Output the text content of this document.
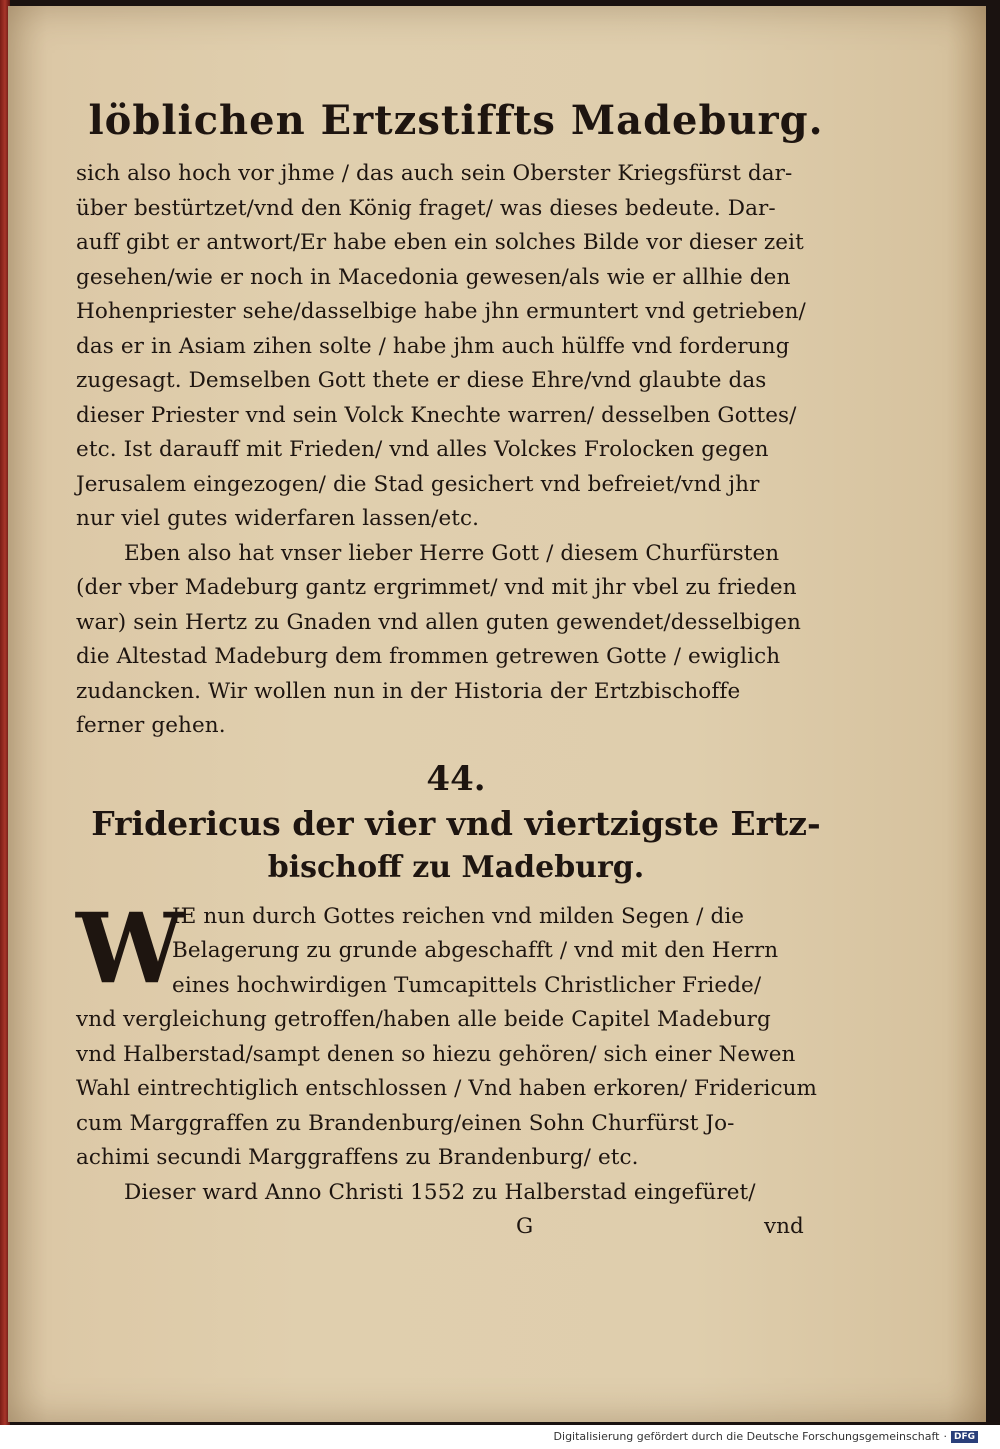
löblichen Ertzstiffts Madeburg.
sich also hoch vor jhme / das auch sein Oberster Kriegsfürst dar-
über bestürtzet/vnd den König fraget/ was dieses bedeute. Dar-
auff gibt er antwort/Er habe eben ein solches Bilde vor dieser zeit
gesehen/wie er noch in Macedonia gewesen/als wie er allhie den
Hohenpriester sehe/dasselbige habe jhn ermuntert vnd getrieben/
das er in Asiam zihen solte / habe jhm auch hülffe vnd forderung
zugesagt. Demselben Gott thete er diese Ehre/vnd glaubte das
dieser Priester vnd sein Volck Knechte warren/ desselben Gottes/
etc. Ist darauff mit Frieden/ vnd alles Volckes Frolocken gegen
Jerusalem eingezogen/ die Stad gesichert vnd befreiet/vnd jhr
nur viel gutes widerfaren lassen/etc.
Eben also hat vnser lieber Herre Gott / diesem Churfürsten
(der vber Madeburg gantz ergrimmet/ vnd mit jhr vbel zu frieden
war) sein Hertz zu Gnaden vnd allen guten gewendet/desselbigen
die Altestad Madeburg dem frommen getrewen Gotte / ewiglich
zudancken. Wir wollen nun in der Historia der Ertzbischoffe
ferner gehen.
44.
Fridericus der vier vnd viertzigste Ertz-
bischoff zu Madeburg.
W
IE nun durch Gottes reichen vnd milden Segen / die
Belagerung zu grunde abgeschafft / vnd mit den Herrn
eines hochwirdigen Tumcapittels Christlicher Friede/
vnd vergleichung getroffen/haben alle beide Capitel Madeburg
vnd Halberstad/sampt denen so hiezu gehören/ sich einer Newen
Wahl eintrechtiglich entschlossen / Vnd haben erkoren/ Fridericum
cum Marggraffen zu Brandenburg/einen Sohn Churfürst Jo-
achimi secundi Marggraffens zu Brandenburg/ etc.
Dieser ward Anno Christi 1552 zu Halberstad eingefüret/
G	vnd
Digitalisierung gefördert durch die Deutsche Forschungsgemeinschaft · DFG
